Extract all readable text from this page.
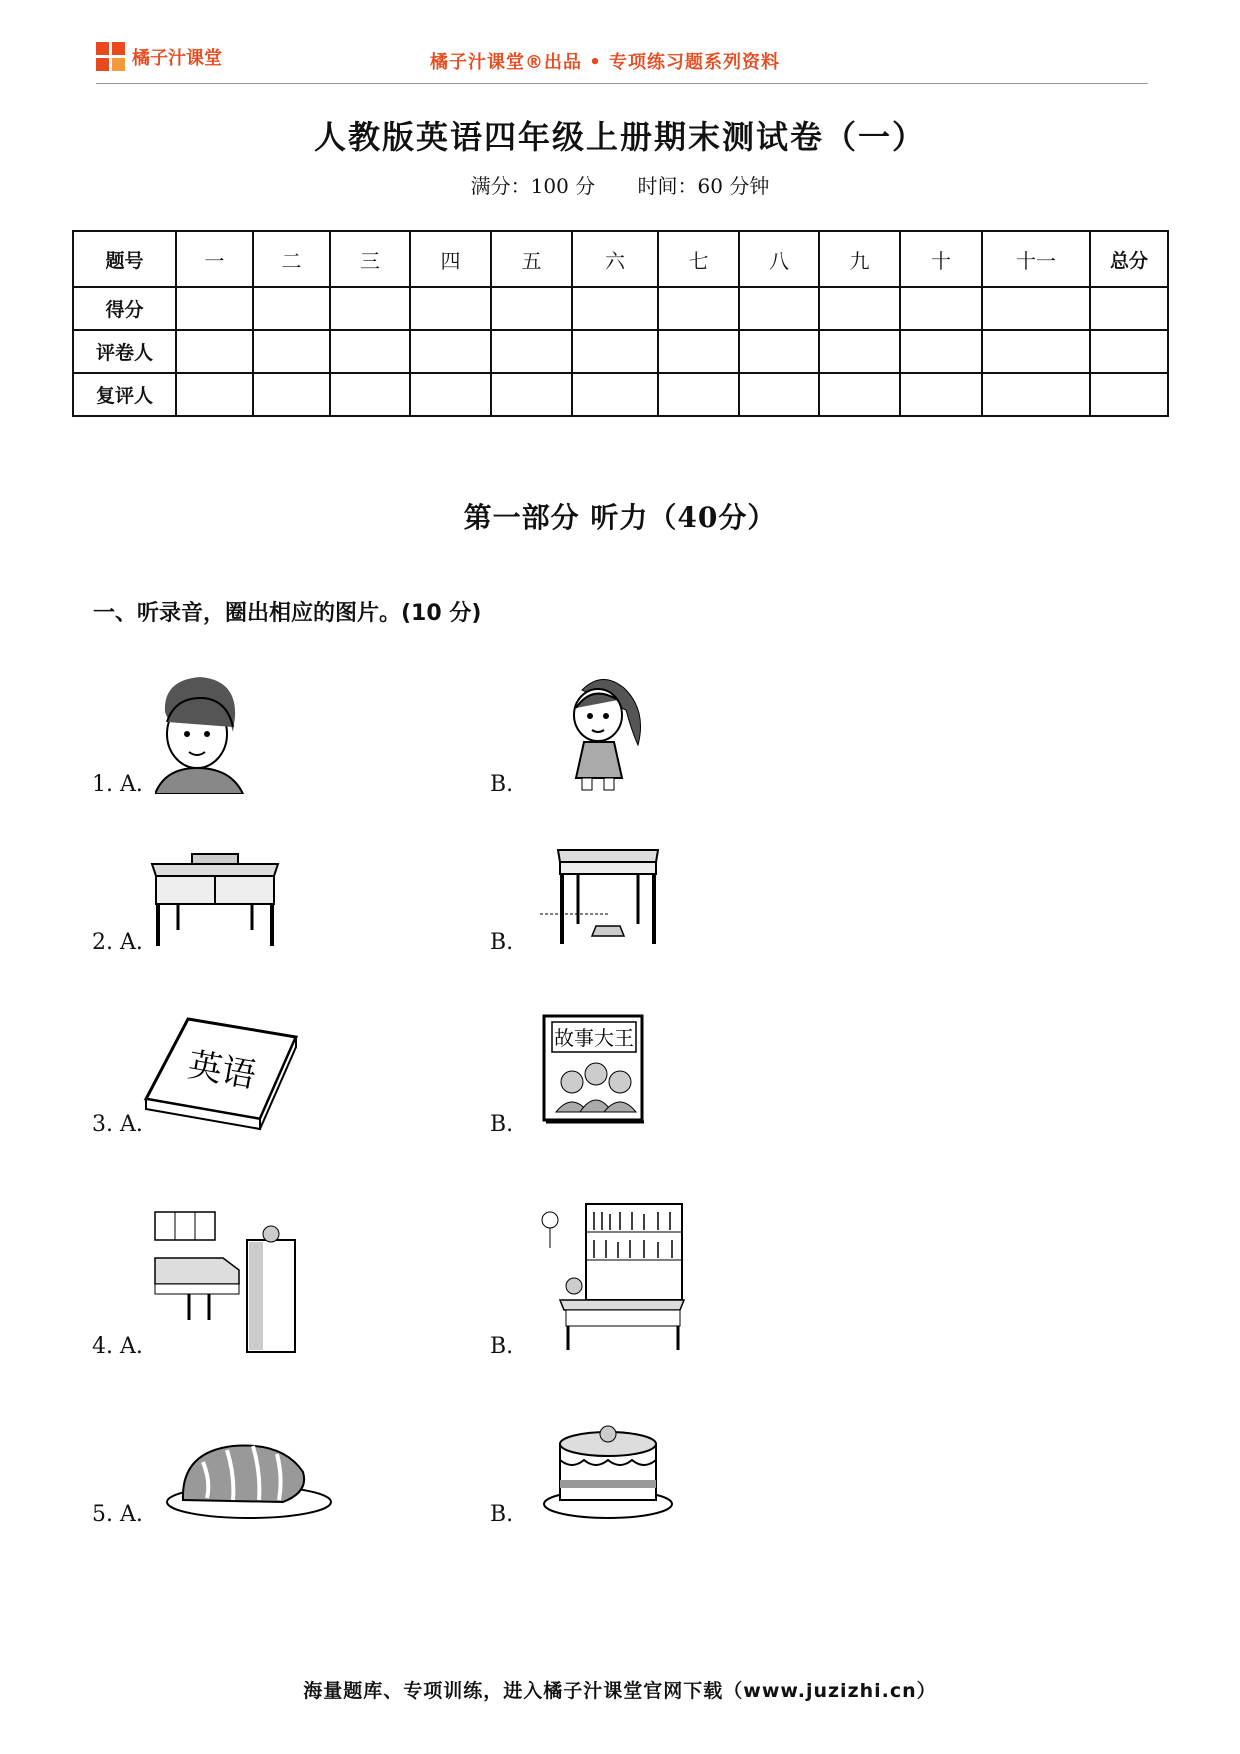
橘子汁课堂	橘子汁课堂®出品 • 专项练习题系列资料
人教版英语四年级上册期末测试卷（一）
满分：100 分 时间：60 分钟
题号	一	二	三	四	五	六	七	八	九	十	十一	总分
得分												
评卷人												
复评人												
第一部分 听力（40分）
一、听录音，圈出相应的图片。(10 分)
1. A.	B.
2. A.	B.
3. A.
英语
B.
故事大王
4. A.	B.
5. A.	B.
海量题库、专项训练，进入橘子汁课堂官网下载（www.juzizhi.cn）
